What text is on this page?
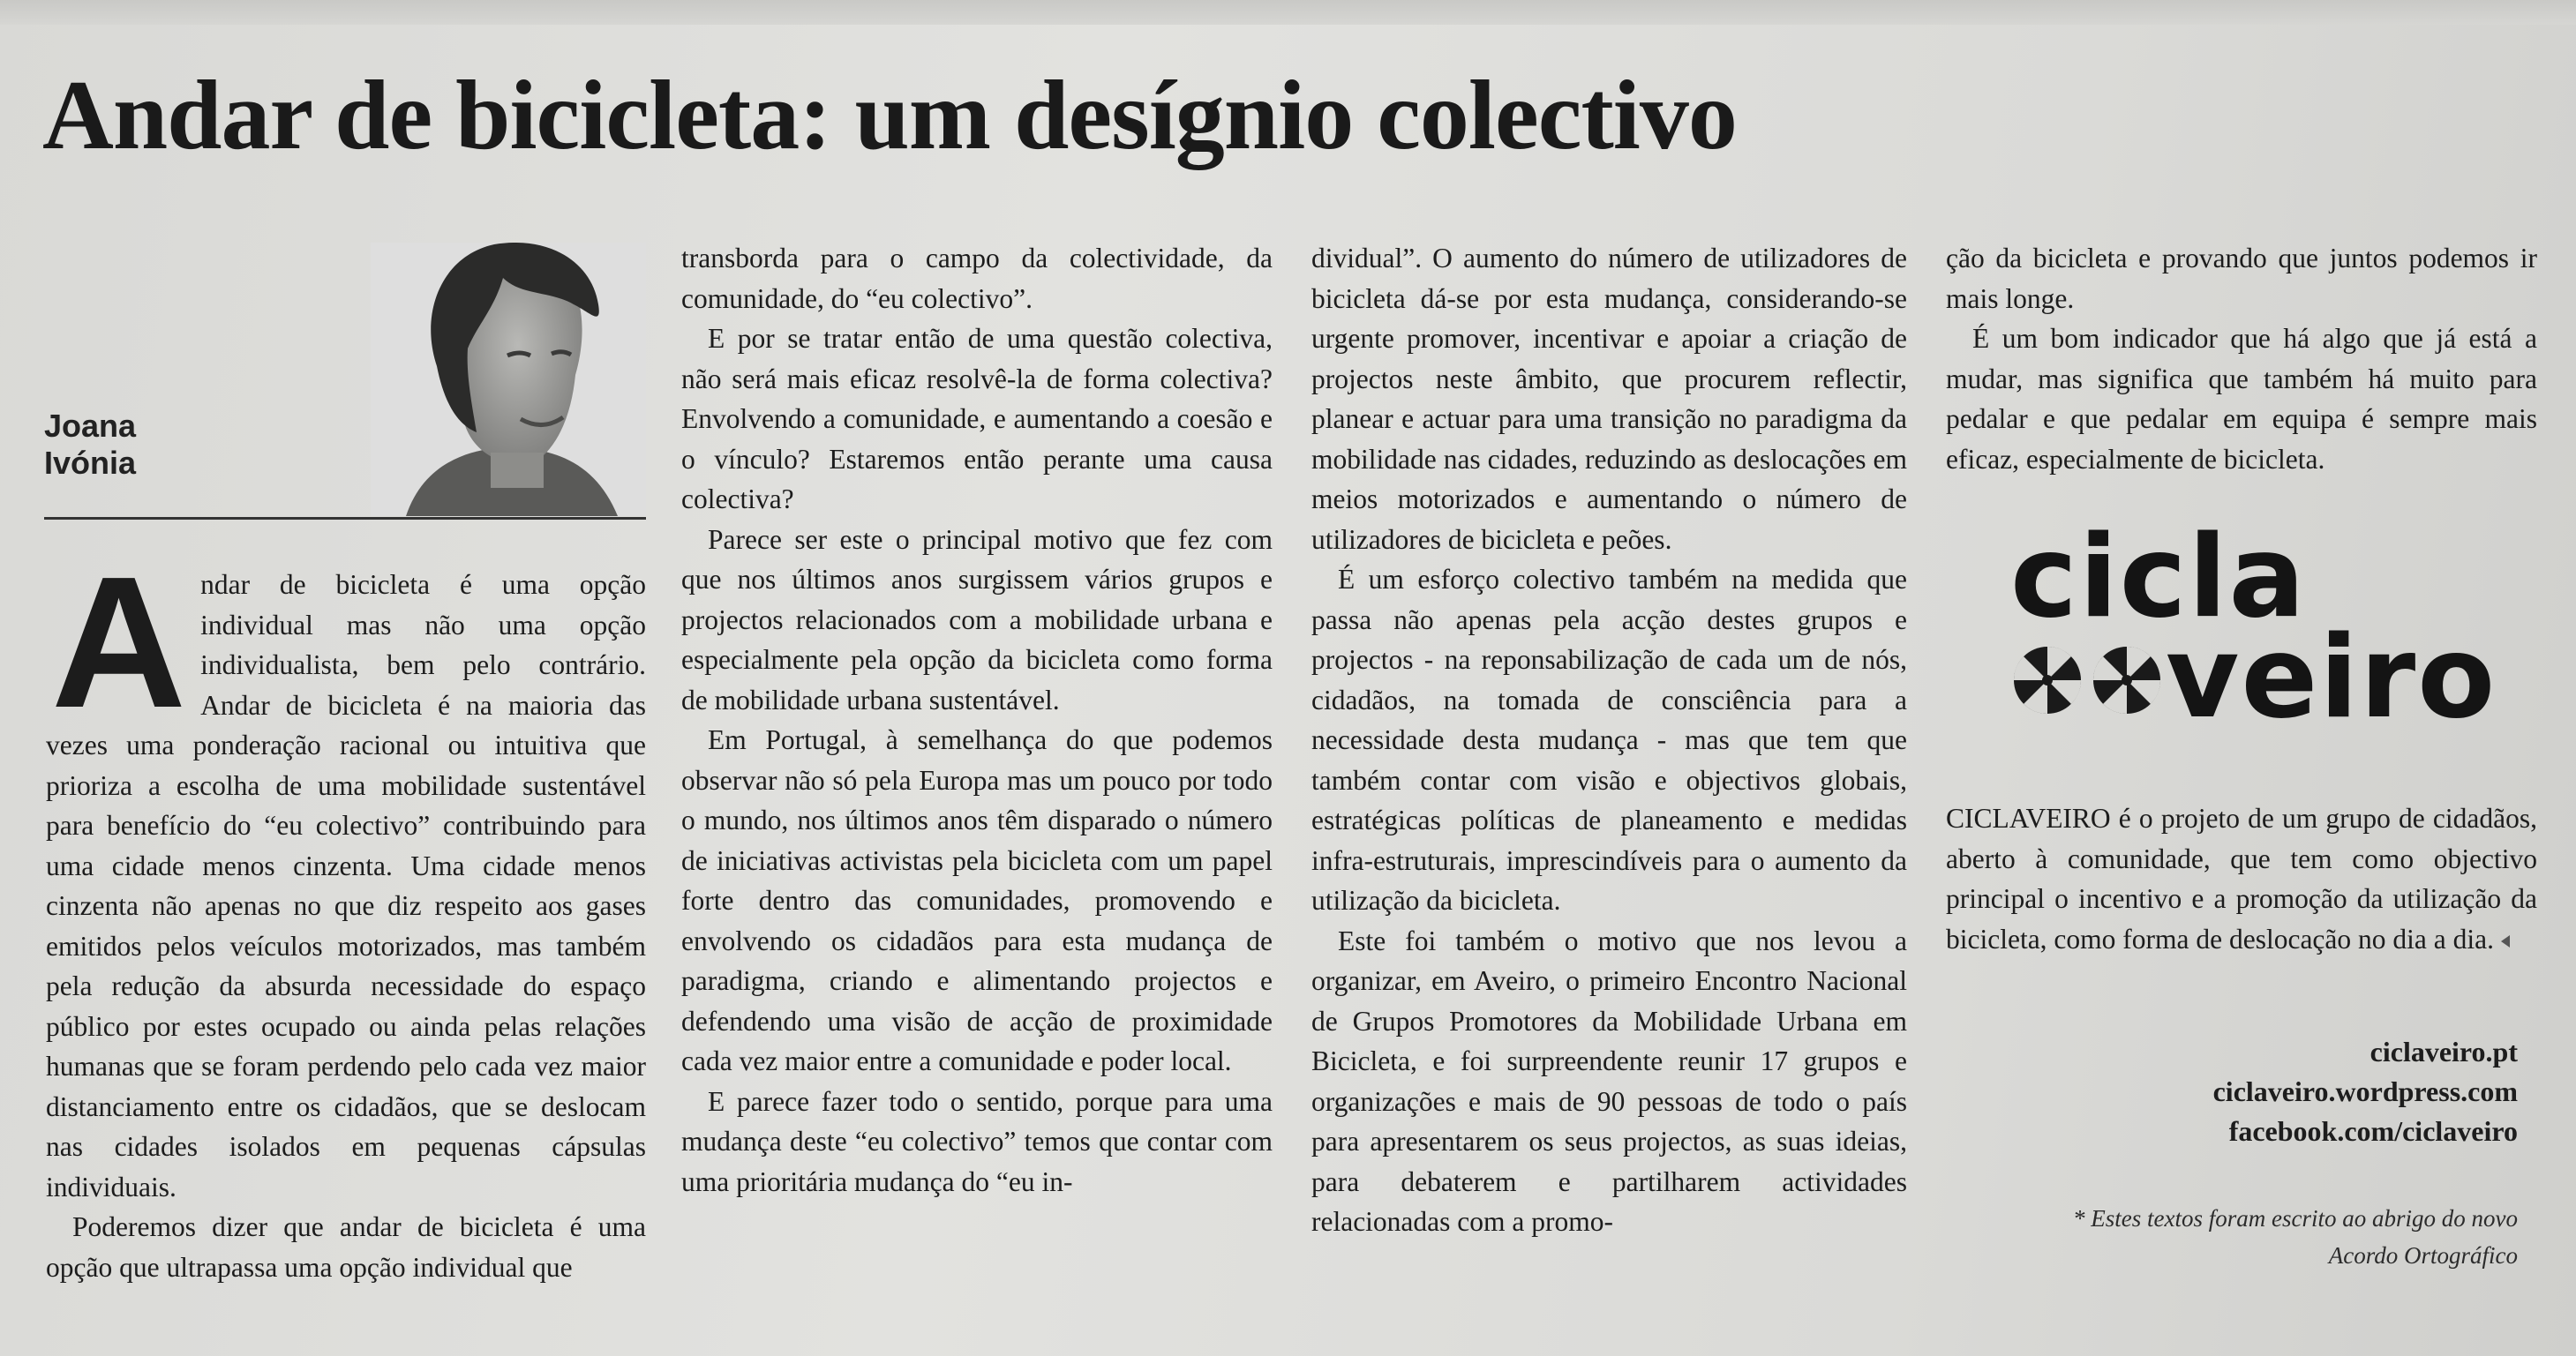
Andar de bicicleta: um desígnio colectivo
Joana
Ivónia

Andar de bicicleta é uma opção individual mas não uma opção individualista, bem pelo contrário. Andar de bicicleta é na maioria das vezes uma ponderação racional ou intuitiva que prioriza a escolha de uma mobilidade sustentável para benefício do “eu colectivo” contribuindo para uma cidade menos cinzenta. Uma cidade menos cinzenta não apenas no que diz respeito aos gases emitidos pelos veículos motorizados, mas também pela redução da absurda necessidade do espaço público por estes ocupado ou ainda pelas relações humanas que se foram perdendo pelo cada vez maior distanciamento entre os cidadãos, que se deslocam nas cidades isolados em pequenas cápsulas individuais.

Poderemos dizer que andar de bicicleta é uma opção que ultrapassa uma opção individual que

transborda para o campo da colectividade, da comunidade, do “eu colectivo”.

E por se tratar então de uma questão colectiva, não será mais eficaz resolvê-la de forma colectiva? Envolvendo a comunidade, e aumentando a coesão e o vínculo? Estaremos então perante uma causa colectiva?

Parece ser este o principal motivo que fez com que nos últimos anos surgissem vários grupos e projectos relacionados com a mobilidade urbana e especialmente pela opção da bicicleta como forma de mobilidade urbana sustentável.

Em Portugal, à semelhança do que podemos observar não só pela Europa mas um pouco por todo o mundo, nos últimos anos têm disparado o número de iniciativas activistas pela bicicleta com um papel forte dentro das comunidades, promovendo e envolvendo os cidadãos para esta mudança de paradigma, criando e alimentando projectos e defendendo uma visão de acção de proximidade cada vez maior entre a comunidade e poder local.

E parece fazer todo o sentido, porque para uma mudança deste “eu colectivo” temos que contar com uma prioritária mudança do “eu in-

dividual”. O aumento do número de utilizadores de bicicleta dá-se por esta mudança, considerando-se urgente promover, incentivar e apoiar a criação de projectos neste âmbito, que procurem reflectir, planear e actuar para uma transição no paradigma da mobilidade nas cidades, reduzindo as deslocações em meios motorizados e aumentando o número de utilizadores de bicicleta e peões.

É um esforço colectivo também na medida que passa não apenas pela acção destes grupos e projectos - na reponsabilização de cada um de nós, cidadãos, na tomada de consciência para a necessidade desta mudança - mas que tem que também contar com visão e objectivos globais, estratégicas políticas de planeamento e medidas infra-estruturais, imprescindíveis para o aumento da utilização da bicicleta.

Este foi também o motivo que nos levou a organizar, em Aveiro, o primeiro Encontro Nacional de Grupos Promotores da Mobilidade Urbana em Bicicleta, e foi surpreendente reunir 17 grupos e organizações e mais de 90 pessoas de todo o país para apresentarem os seus projectos, as suas ideias, para debaterem e partilharem actividades relacionadas com a promo-

ção da bicicleta e provando que juntos podemos ir mais longe.

É um bom indicador que há algo que já está a mudar, mas significa que também há muito para pedalar e que pedalar em equipa é sempre mais eficaz, especialmente de bicicleta.

cicla
veiro
CICLAVEIRO é o projeto de um grupo de cidadãos, aberto à comunidade, que tem como objectivo principal o incentivo e a promoção da utilização da bicicleta, como forma de deslocação no dia a dia.
ciclaveiro.pt
ciclaveiro.wordpress.com
facebook.com/ciclaveiro
* Estes textos foram escrito ao abrigo do novo
Acordo Ortográfico
